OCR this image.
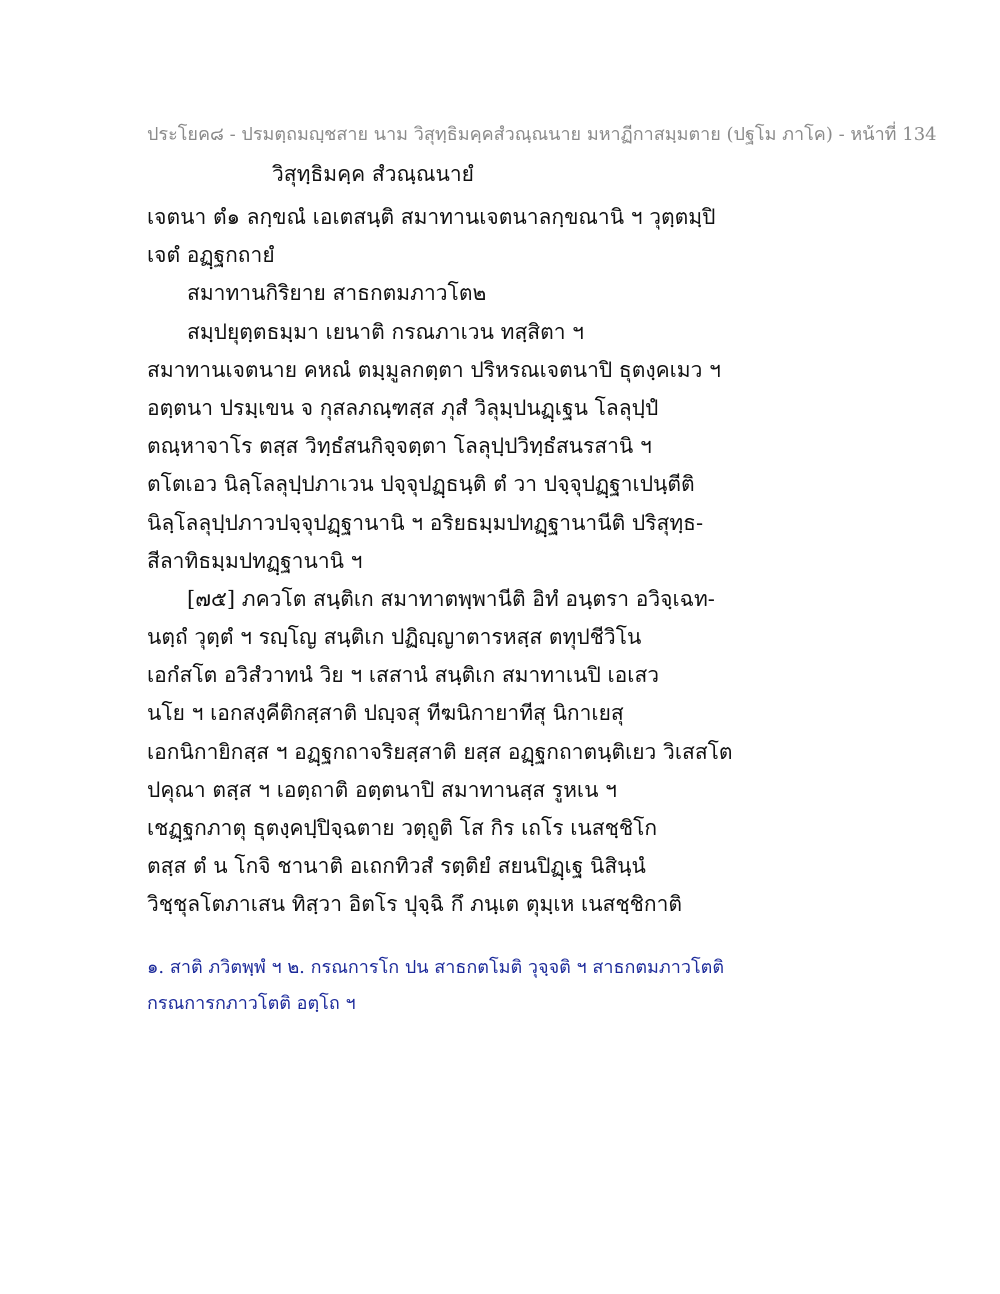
ประโยค๘ - ปรมตฺถมญฺชสาย นาม วิสุทฺธิมคฺคสํวณฺณนาย มหาฏีกาสมฺมตาย (ปฐโม ภาโค) - หน้าที่ 134
วิสุทฺธิมคฺค สํวณฺณนายํ
เจตนา ตํ๑ ลกฺขณํ เอเตสนฺติ สมาทานเจตนาลกฺขณานิ ฯ วุตฺตมฺปิ
เจตํ อฏฺฐกถายํ
สมาทานกิริยาย สาธกตมภาวโต๒
สมฺปยุตฺตธมฺมา เยนาติ กรณภาเวน ทสฺสิตา ฯ
สมาทานเจตนาย คหณํ ตมฺมูลกตฺตา ปริหรณเจตนาปิ ธุตงฺคเมว ฯ
อตฺตนา ปรมฺเขน จ กุสลภณฺฑสฺส ภุสํ วิลุมฺปนฏฺเฐน โลลุปฺปํ
ตณฺหาจาโร ตสฺส วิทฺธํสนกิจฺจตฺตา โลลุปฺปวิทฺธํสนรสานิ ฯ
ตโตเอว นิลฺโลลุปฺปภาเวน ปจฺจุปฏฺธนฺติ ตํ วา ปจฺจุปฏฺฐาเปนฺตีติ
นิลฺโลลุปฺปภาวปจฺจุปฏฺฐานานิ ฯ อริยธมฺมปทฏฺฐานานีติ ปริสุทฺธ-
สีลาทิธมฺมปทฏฺฐานานิ ฯ
[๗๕] ภควโต สนฺติเก สมาทาตพฺพานีติ อิทํ อนฺตรา อวิจฺเฉท-
นตฺถํ วุตฺตํ ฯ รญฺโญ สนฺติเก ปฏิญฺญาตารหสฺส ตทุปชีวิโน
เอกํสโต อวิสํวาทนํ วิย ฯ เสสานํ สนฺติเก สมาทาเนปิ เอเสว
นโย ฯ เอกสงฺคีติกสฺสาติ ปญฺจสุ ทีฆนิกายาทีสุ นิกาเยสุ
เอกนิกายิกสฺส ฯ อฏฺฐกถาจริยสฺสาติ ยสฺส อฏฺฐกถาตนฺติเยว วิเสสโต
ปคุณา ตสฺส ฯ เอตฺถาติ อตฺตนาปิ สมาทานสฺส รูหเน ฯ
เชฏฺฐกภาตุ ธุตงฺคปฺปิจฺฉตาย วตฺถูติ โส กิร เถโร เนสชฺชิโก
ตสฺส ตํ น โกจิ ชานาติ อเถกทิวสํ รตฺติยํ สยนปิฏฺเฐ นิสินฺนํ
วิชฺชุลโตภาเสน ทิสฺวา อิตโร ปุจฺฉิ กึ ภนฺเต ตุมฺเห เนสชฺชิกาติ
๑. สาติ ภวิตพฺพํ ฯ ๒. กรณการโก ปน สาธกตโมติ วุจฺจติ ฯ สาธกตมภาวโตติ
กรณการกภาวโตติ อตฺโถ ฯ
